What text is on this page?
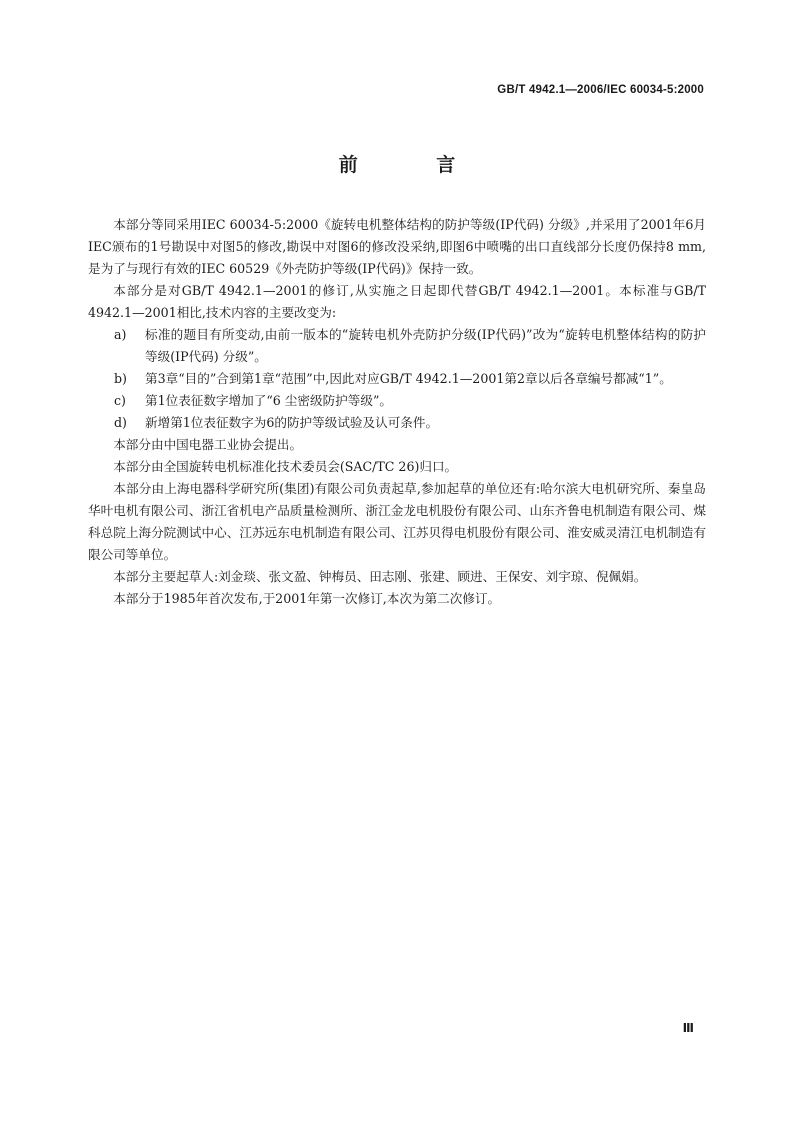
GB/T 4942.1—2006/IEC 60034-5:2000
前 言

本部分等同采用IEC 60034-5:2000《旋转电机整体结构的防护等级(IP代码) 分级》,并采用了2001年6月IEC颁布的1号勘误中对图5的修改,勘误中对图6的修改没采纳,即图6中喷嘴的出口直线部分长度仍保持8 mm,是为了与现行有效的IEC 60529《外壳防护等级(IP代码)》保持一致。

本部分是对GB/T 4942.1—2001的修订,从实施之日起即代替GB/T 4942.1—2001。本标准与GB/T 4942.1—2001相比,技术内容的主要改变为:

a) 标准的题目有所变动,由前一版本的“旋转电机外壳防护分级(IP代码)”改为“旋转电机整体结构的防护等级(IP代码) 分级”。
b) 第3章“目的”合到第1章“范围”中,因此对应GB/T 4942.1—2001第2章以后各章编号都减“1”。
c) 第1位表征数字增加了“6 尘密级防护等级”。
d) 新增第1位表征数字为6的防护等级试验及认可条件。

本部分由中国电器工业协会提出。

本部分由全国旋转电机标准化技术委员会(SAC/TC 26)归口。

本部分由上海电器科学研究所(集团)有限公司负责起草,参加起草的单位还有:哈尔滨大电机研究所、秦皇岛华叶电机有限公司、浙江省机电产品质量检测所、浙江金龙电机股份有限公司、山东齐鲁电机制造有限公司、煤科总院上海分院测试中心、江苏远东电机制造有限公司、江苏贝得电机股份有限公司、淮安威灵清江电机制造有限公司等单位。

本部分主要起草人:刘金琰、张文盈、钟梅员、田志刚、张建、顾进、王保安、刘宇琼、倪佩娟。

本部分于1985年首次发布,于2001年第一次修订,本次为第二次修订。

Ⅲ
